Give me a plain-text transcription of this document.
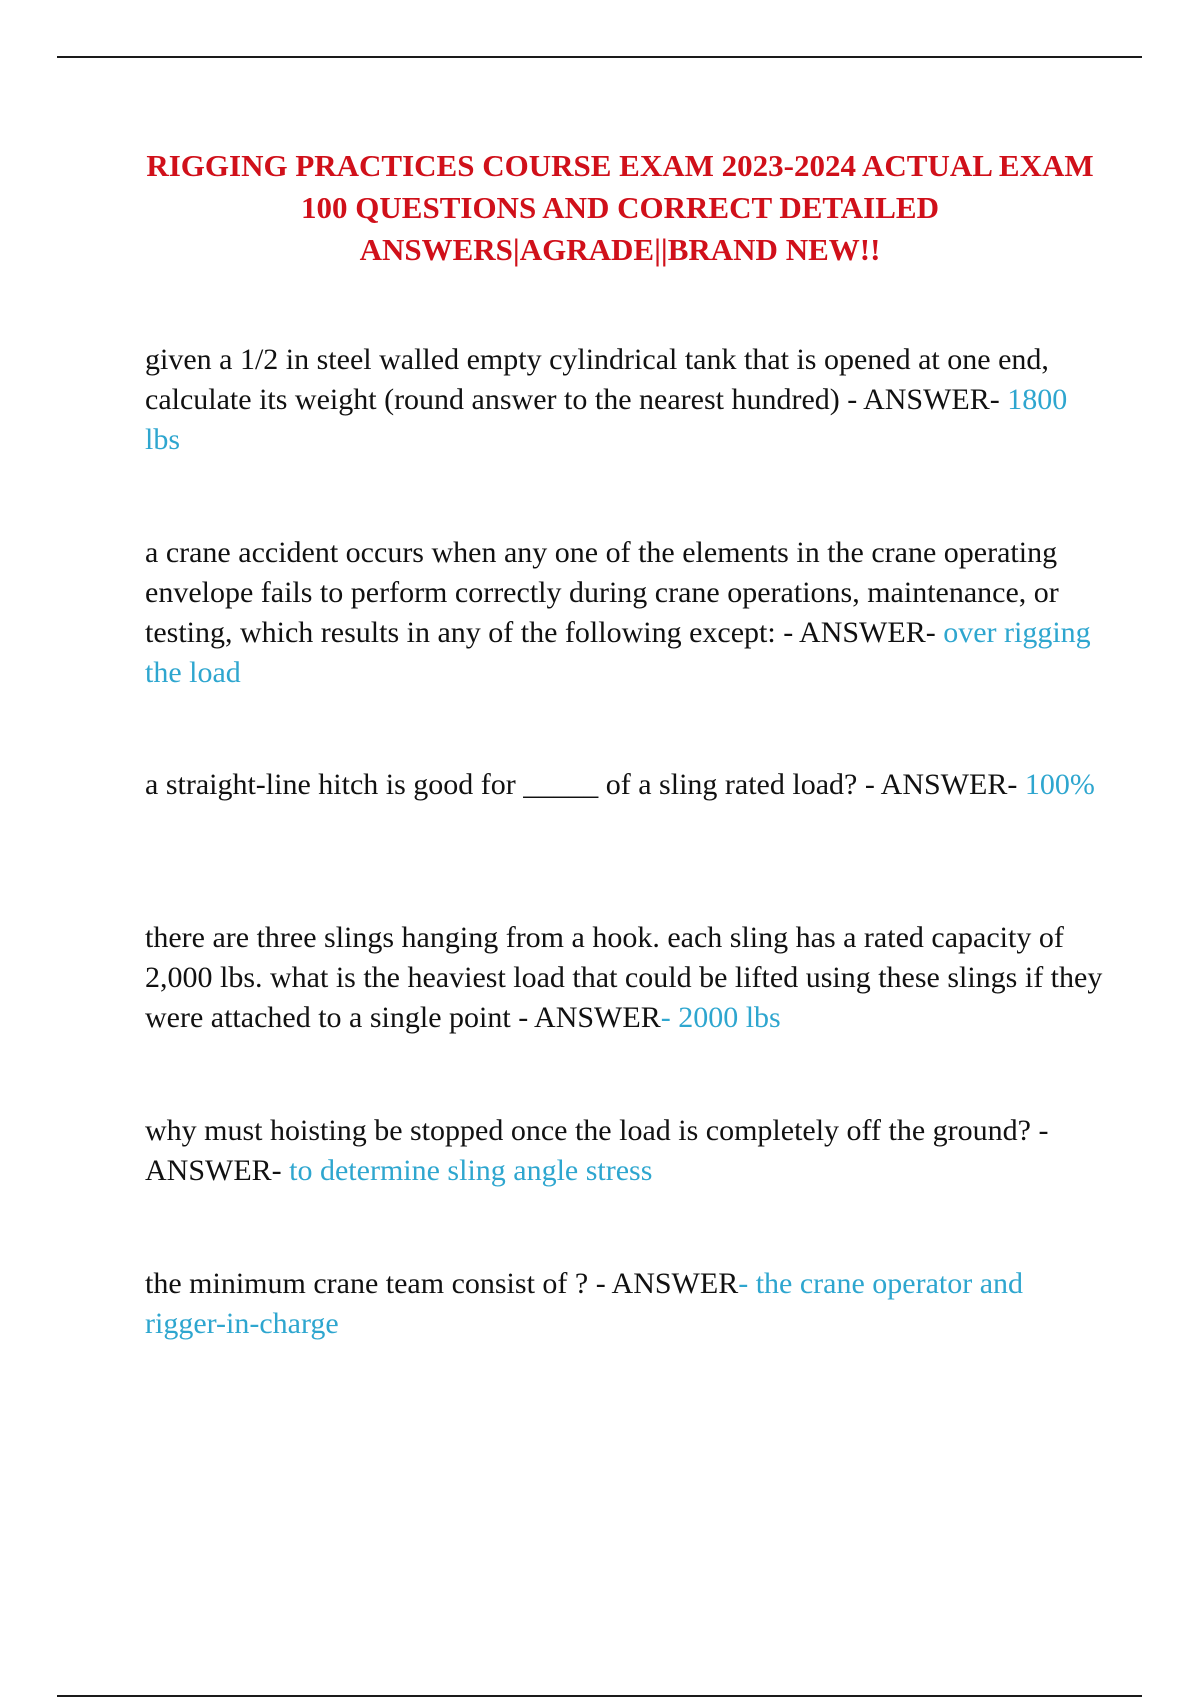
RIGGING PRACTICES COURSE EXAM 2023-2024 ACTUAL EXAM 100 QUESTIONS AND CORRECT DETAILED ANSWERS|AGRADE||BRAND NEW!!

given a 1/2 in steel walled empty cylindrical tank that is opened at one end, calculate its weight (round answer to the nearest hundred) - ANSWER- 1800 lbs

a crane accident occurs when any one of the elements in the crane operating envelope fails to perform correctly during crane operations, maintenance, or testing, which results in any of the following except: - ANSWER- over rigging the load

a straight-line hitch is good for _____ of a sling rated load? - ANSWER- 100%

there are three slings hanging from a hook. each sling has a rated capacity of 2,000 lbs. what is the heaviest load that could be lifted using these slings if they were attached to a single point - ANSWER- 2000 lbs

why must hoisting be stopped once the load is completely off the ground? - ANSWER- to determine sling angle stress

the minimum crane team consist of ? - ANSWER- the crane operator and rigger-in-charge
